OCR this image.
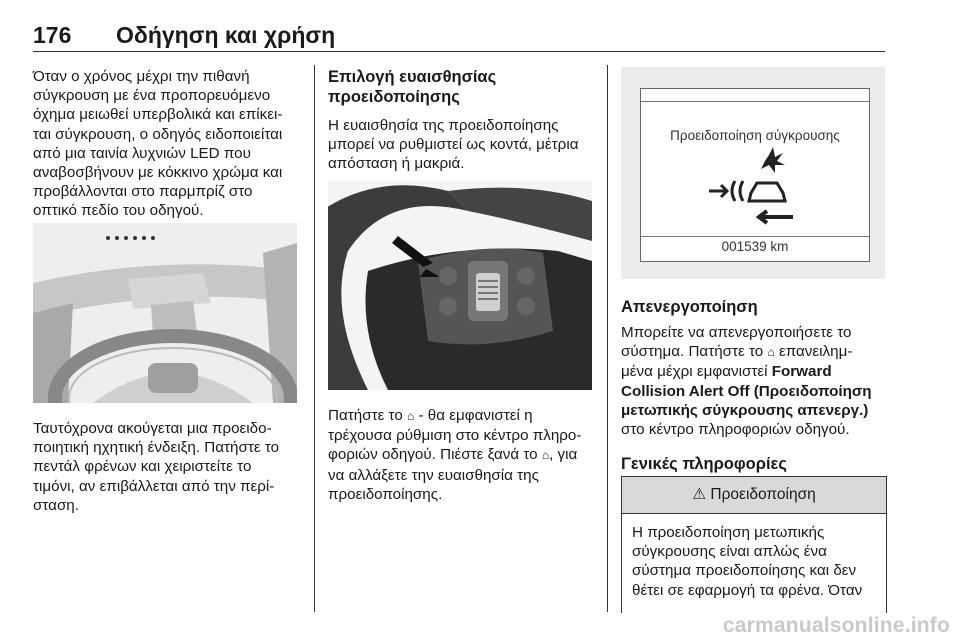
176 Οδήγηση και χρήση

Όταν ο χρόνος μέχρι την πιθανή
σύγκρουση με ένα προπορευόμενο
όχημα μειωθεί υπερβολικά και επίκει-
ται σύγκρουση, ο οδηγός ειδοποιείται
από μια ταινία λυχνιών LED που
αναβοσβήνουν με κόκκινο χρώμα και
προβάλλονται στο παρμπρίζ στο
οπτικό πεδίο του οδηγού.

Ταυτόχρονα ακούγεται μια προειδο-
ποιητική ηχητική ένδειξη. Πατήστε το
πεντάλ φρένων και χειριστείτε το
τιμόνι, αν επιβάλλεται από την περί-
σταση.

Επιλογή ευαισθησίας
προειδοποίησης

Η ευαισθησία της προειδοποίησης
μπορεί να ρυθμιστεί ως κοντά, μέτρια
απόσταση ή μακριά.

Πατήστε το ⌂ - θα εμφανιστεί η
τρέχουσα ρύθμιση στο κέντρο πληρο-
φοριών οδηγού. Πιέστε ξανά το ⌂, για
να αλλάξετε την ευαισθησία της
προειδοποίησης.

Προειδοποίηση σύγκρουσης
001539 km

Απενεργοποίηση

Μπορείτε να απενεργοποιήσετε το
σύστημα. Πατήστε το ⌂ επανειλημ-
μένα μέχρι εμφανιστεί Forward
Collision Alert Off (Προειδοποίηση
μετωπικής σύγκρουσης απενεργ.)
στο κέντρο πληροφοριών οδηγού.

Γενικές πληροφορίες

⚠ Προειδοποίηση

Η προειδοποίηση μετωπικής
σύγκρουσης είναι απλώς ένα
σύστημα προειδοποίησης και δεν
θέτει σε εφαρμογή τα φρένα. Όταν

carmanualsonline.info
